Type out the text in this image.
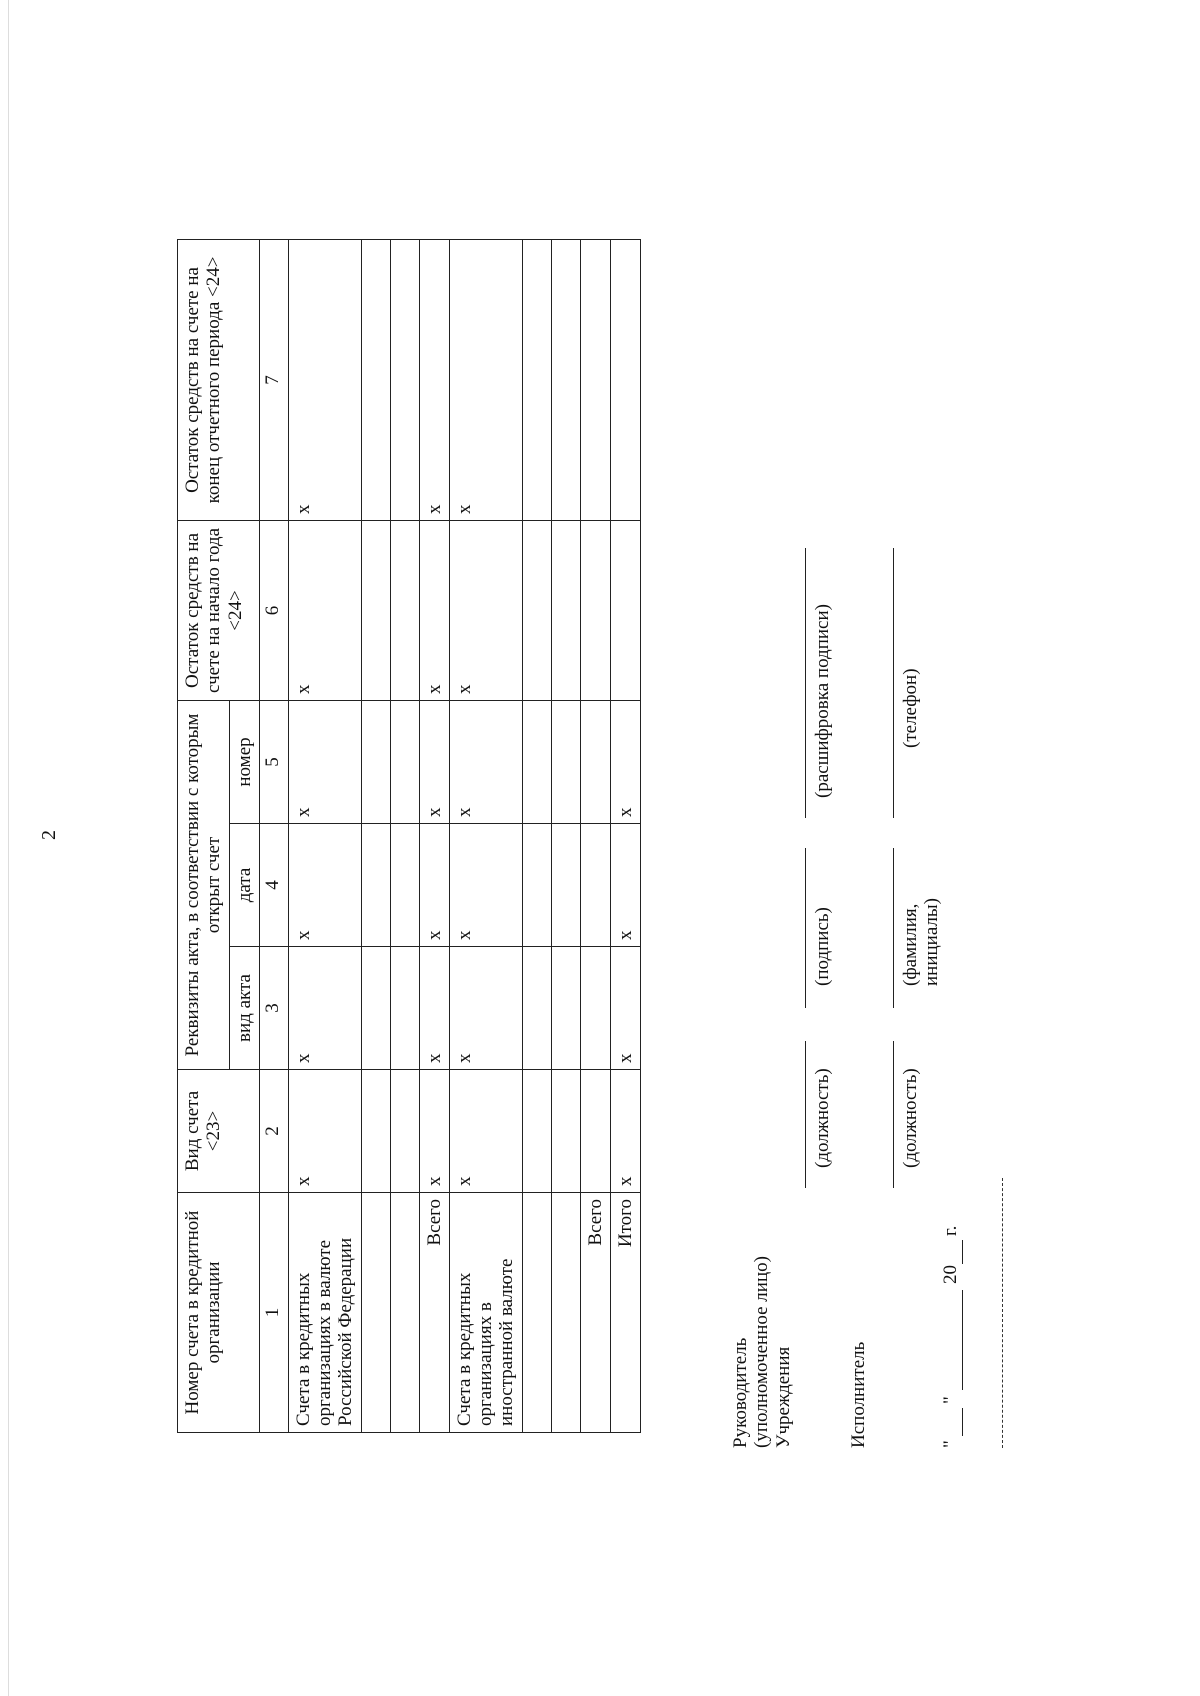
2
Номер счета в кредитной организации	Вид счета <23>	Реквизиты акта, в соответствии с которым открыт счет			Остаток средств на счете на начало года <24>	Остаток средств на счете на конец отчетного периода <24>
		вид акта	дата	номер		
1	2	3	4	5	6	7
Счета в кредитных организациях в валюте Российской Федерации	х	х	х	х	х	х

Всего	х	х	х	х	х	х
Счета в кредитных организациях в иностранной валюте	х	х	х	х	х	х

Всего						
Итого	х	х	х	х		
Руководитель (уполномоченное лицо) Учреждения
(должность)
(подпись)
(расшифровка подписи)
Исполнитель
(должность)
(фамилия, инициалы)
(телефон)
"
"
20
г.
